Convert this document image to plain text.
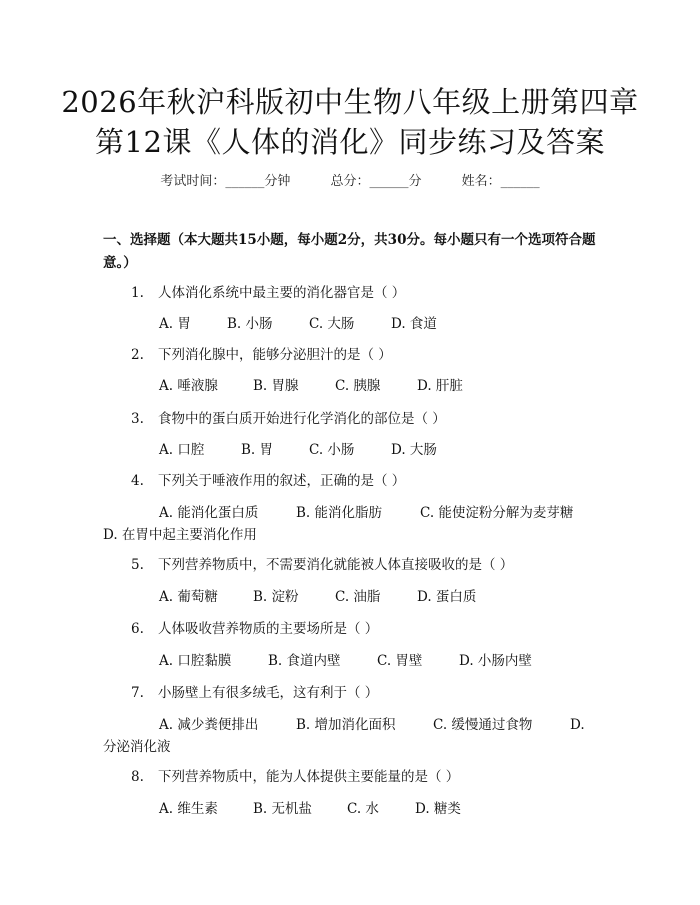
2026年秋沪科版初中生物八年级上册第四章
第12课《人体的消化》同步练习及答案
考试时间：______分钟	总分：______分	姓名：______
一、选择题（本大题共15小题，每小题2分，共30分。每小题只有一个选项符合题意。）
1. 人体消化系统中最主要的消化器官是（ ）
A. 胃	B. 小肠	C. 大肠	D. 食道
2. 下列消化腺中，能够分泌胆汁的是（ ）
A. 唾液腺	B. 胃腺	C. 胰腺	D. 肝脏
3. 食物中的蛋白质开始进行化学消化的部位是（ ）
A. 口腔	B. 胃	C. 小肠	D. 大肠
4. 下列关于唾液作用的叙述，正确的是（ ）
A. 能消化蛋白质	B. 能消化脂肪	C. 能使淀粉分解为麦芽糖
D. 在胃中起主要消化作用
5. 下列营养物质中，不需要消化就能被人体直接吸收的是（ ）
A. 葡萄糖	B. 淀粉	C. 油脂	D. 蛋白质
6. 人体吸收营养物质的主要场所是（ ）
A. 口腔黏膜	B. 食道内壁	C. 胃壁	D. 小肠内壁
7. 小肠壁上有很多绒毛，这有利于（ ）
A. 减少粪便排出	B. 增加消化面积	C. 缓慢通过食物	D.
分泌消化液
8. 下列营养物质中，能为人体提供主要能量的是（ ）
A. 维生素	B. 无机盐	C. 水	D. 糖类
